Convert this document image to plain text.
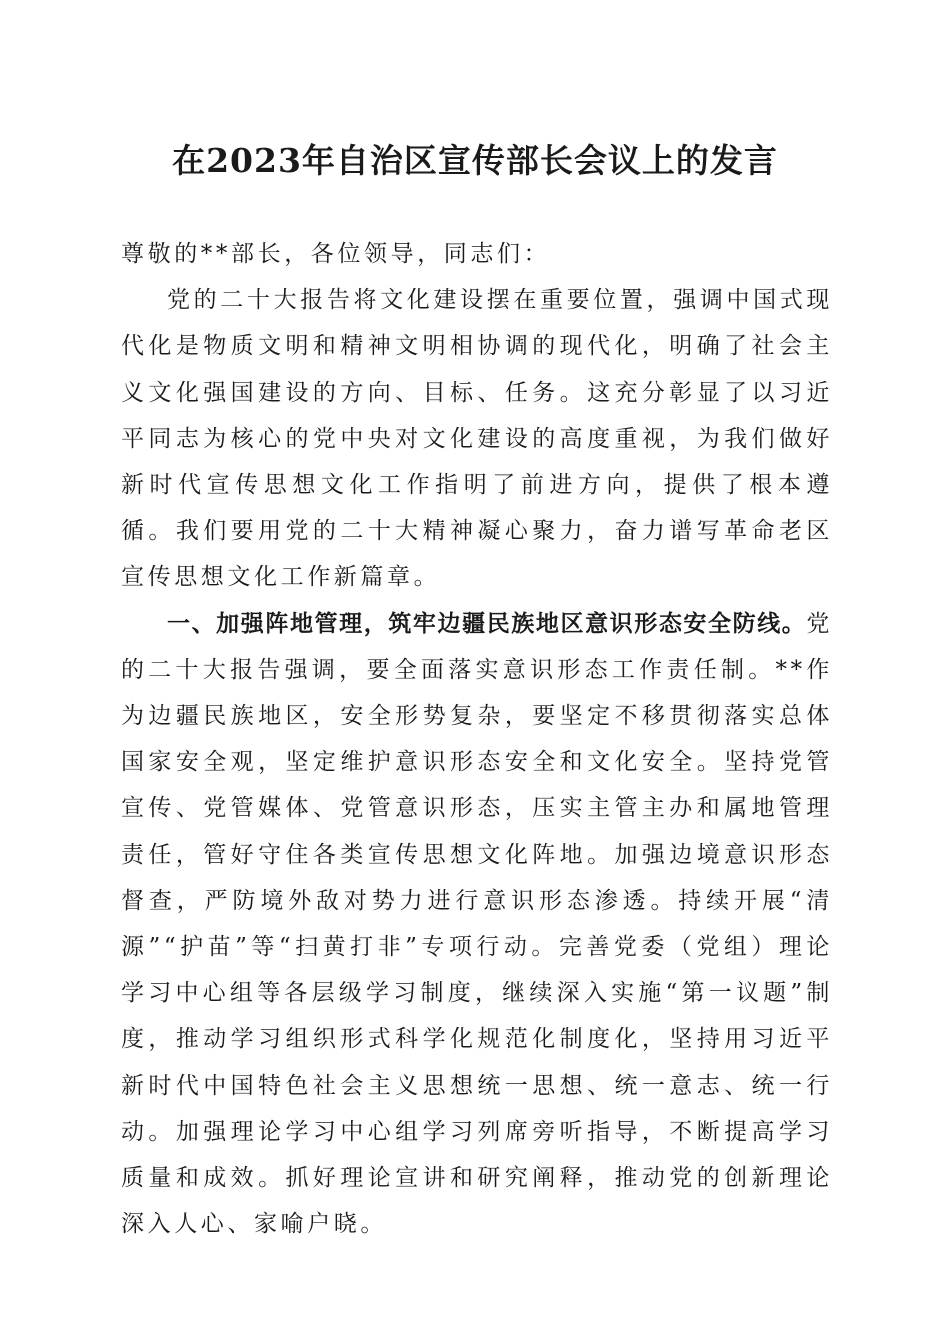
在2023年自治区宣传部长会议上的发言

尊敬的**部长，各位领导，同志们：

党的二十大报告将文化建设摆在重要位置，强调中国式现代化是物质文明和精神文明相协调的现代化，明确了社会主义文化强国建设的方向、目标、任务。这充分彰显了以习近平同志为核心的党中央对文化建设的高度重视，为我们做好新时代宣传思想文化工作指明了前进方向，提供了根本遵循。我们要用党的二十大精神凝心聚力，奋力谱写革命老区宣传思想文化工作新篇章。

一、加强阵地管理，筑牢边疆民族地区意识形态安全防线。党的二十大报告强调，要全面落实意识形态工作责任制。**作为边疆民族地区，安全形势复杂，要坚定不移贯彻落实总体国家安全观，坚定维护意识形态安全和文化安全。坚持党管宣传、党管媒体、党管意识形态，压实主管主办和属地管理责任，管好守住各类宣传思想文化阵地。加强边境意识形态督查，严防境外敌对势力进行意识形态渗透。持续开展“清源”“护苗”等“扫黄打非”专项行动。完善党委（党组）理论学习中心组等各层级学习制度，继续深入实施“第一议题”制度，推动学习组织形式科学化规范化制度化，坚持用习近平新时代中国特色社会主义思想统一思想、统一意志、统一行动。加强理论学习中心组学习列席旁听指导，不断提高学习质量和成效。抓好理论宣讲和研究阐释，推动党的创新理论深入人心、家喻户晓。
